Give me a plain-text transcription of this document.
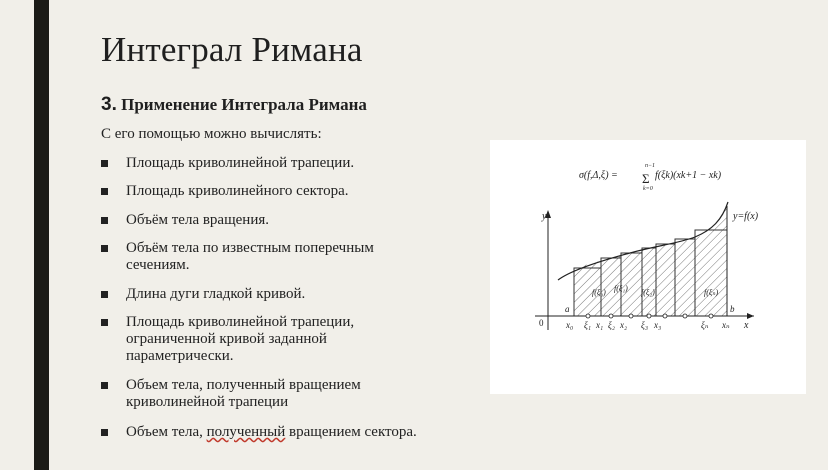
Интеграл Римана
3. Применение Интеграла Римана
С его помощью можно вычислять:
Площадь криволинейной трапеции.
Площадь криволинейного сектора.
Объём тела вращения.
Объём тела по известным поперечным
сечениям.
Длина дуги гладкой кривой.
Площадь криволинейной трапеции,
ограниченной кривой заданной
параметрически.
Объем тела, полученный вращением
криволинейной трапеции
Объем тела, полученный вращением сектора.
σ(f,Δ,ξ) =
n−1
Σ
k=0
f(ξk)(xk+1 − xk)
y
x
0
a	b
y=f(x)
f(ξ₀) f(ξ₁) f(ξ₂)	f(ξₙ)
x₀ ξ₁ x₁ ξ₂ x₂ ξ₃ x₃	ξₙ xₙ
